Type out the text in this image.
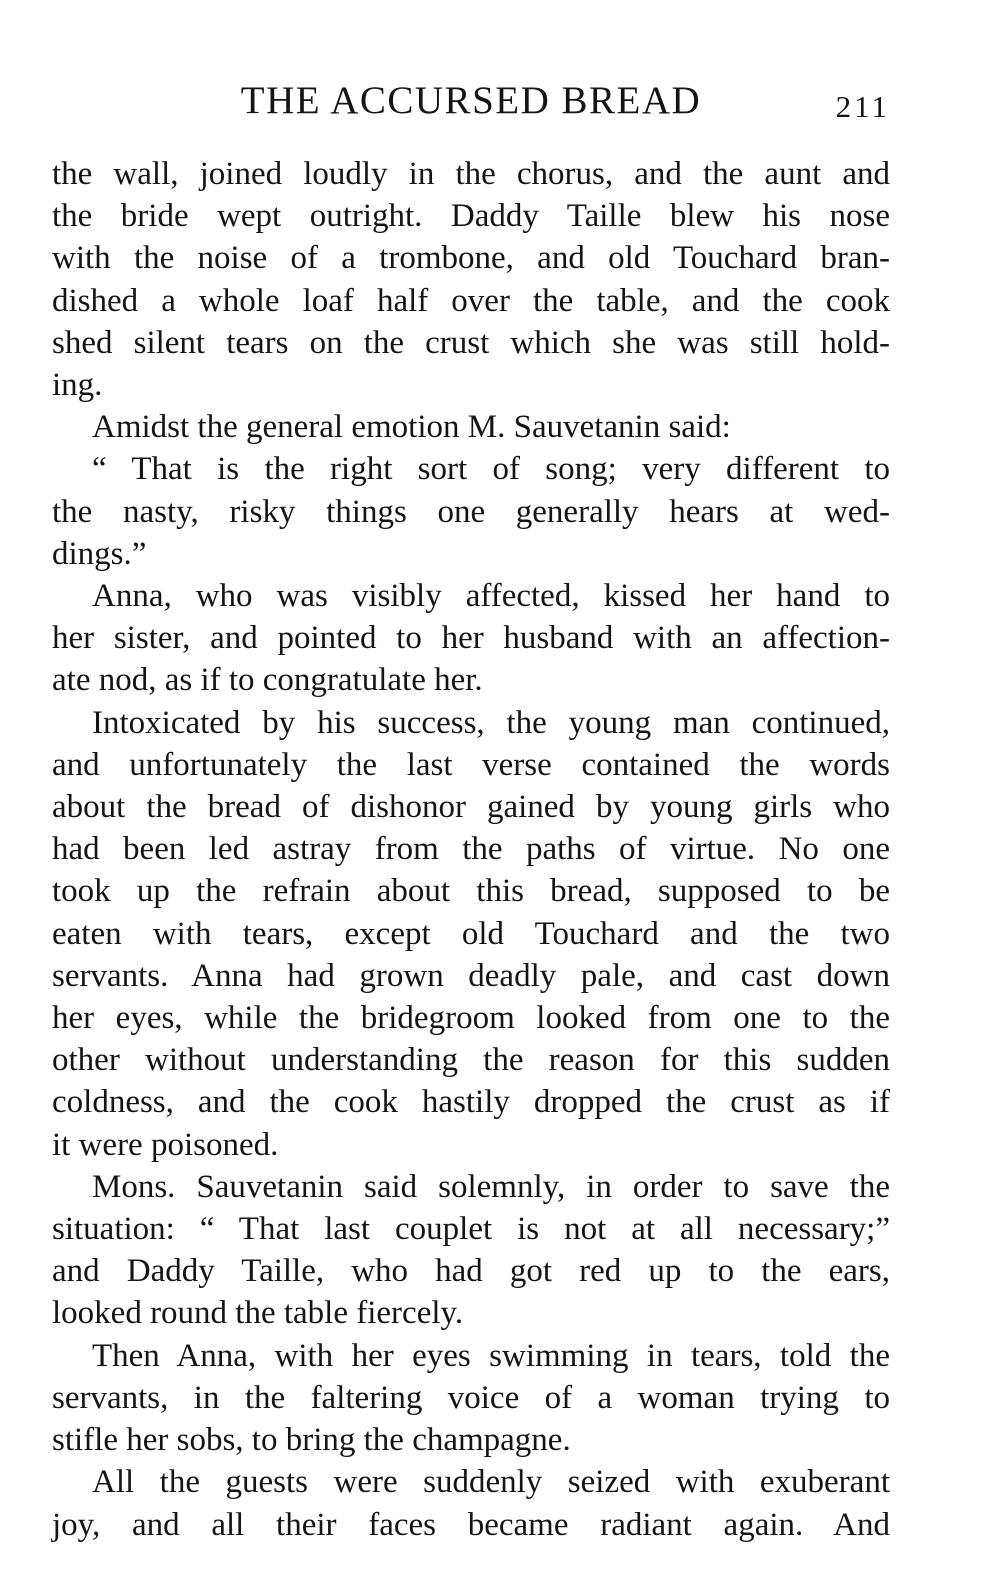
THE ACCURSED BREAD	211
the wall, joined loudly in the chorus, and the aunt and
the bride wept outright. Daddy Taille blew his nose
with the noise of a trombone, and old Touchard bran-
dished a whole loaf half over the table, and the cook
shed silent tears on the crust which she was still hold-
ing.
Amidst the general emotion M. Sauvetanin said:
“ That is the right sort of song; very different to
the nasty, risky things one generally hears at wed-
dings.”
Anna, who was visibly affected, kissed her hand to
her sister, and pointed to her husband with an affection-
ate nod, as if to congratulate her.
Intoxicated by his success, the young man continued,
and unfortunately the last verse contained the words
about the bread of dishonor gained by young girls who
had been led astray from the paths of virtue. No one
took up the refrain about this bread, supposed to be
eaten with tears, except old Touchard and the two
servants. Anna had grown deadly pale, and cast down
her eyes, while the bridegroom looked from one to the
other without understanding the reason for this sudden
coldness, and the cook hastily dropped the crust as if
it were poisoned.
Mons. Sauvetanin said solemnly, in order to save the
situation: “ That last couplet is not at all necessary;”
and Daddy Taille, who had got red up to the ears,
looked round the table fiercely.
Then Anna, with her eyes swimming in tears, told the
servants, in the faltering voice of a woman trying to
stifle her sobs, to bring the champagne.
All the guests were suddenly seized with exuberant
joy, and all their faces became radiant again. And
